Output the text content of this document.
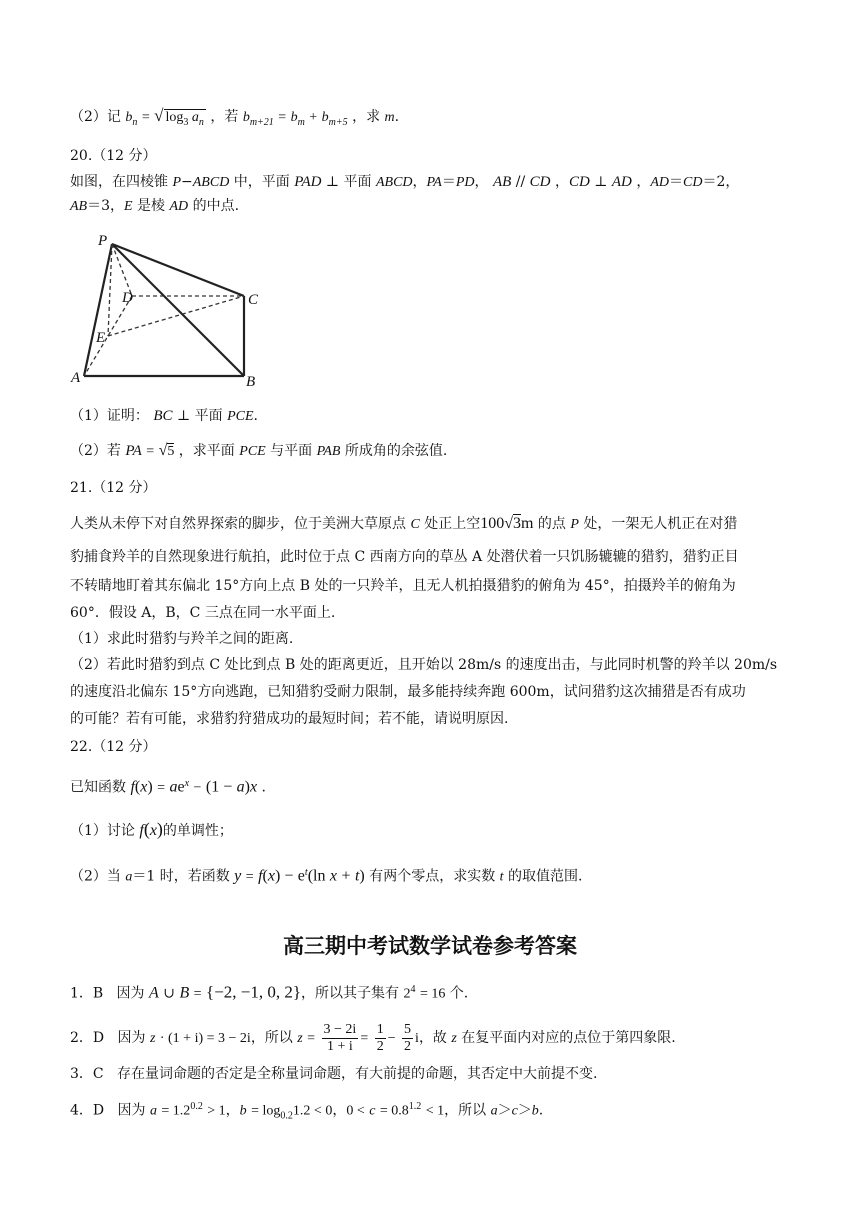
（2）记 $b_n$ = √ $\log_3 a_n$ ，若 $b_{m+21} = b_m + b_{m+5}$ ，求 m.
20.（12 分）
如图，在四棱锥 P−ABCD 中，平面 PAD ⊥ 平面 ABCD，PA＝PD， AB // CD ，CD ⊥ AD ，AD＝CD＝2，
AB＝3，E 是棱 AD 的中点.
P
D	C
E
A	B
（1）证明： BC ⊥ 平面 PCE.
（2）若 PA = √5 ，求平面 PCE 与平面 PAB 所成角的余弦值.
21.（12 分）
人类从未停下对自然界探索的脚步，位于美洲大草原点 C 处正上空100√3m 的点 P 处，一架无人机正在对猎
豹捕食羚羊的自然现象进行航拍，此时位于点 C 西南方向的草丛 A 处潜伏着一只饥肠辘辘的猎豹，猎豹正目
不转睛地盯着其东偏北 15°方向上点 B 处的一只羚羊，且无人机拍摄猎豹的俯角为 45°，拍摄羚羊的俯角为
60°．假设 A，B，C 三点在同一水平面上.
（1）求此时猎豹与羚羊之间的距离.
（2）若此时猎豹到点 C 处比到点 B 处的距离更近，且开始以 28m/s 的速度出击，与此同时机警的羚羊以 20m/s
的速度沿北偏东 15°方向逃跑，已知猎豹受耐力限制，最多能持续奔跑 600m，试问猎豹这次捕猎是否有成功
的可能？若有可能，求猎豹狩猎成功的最短时间；若不能，请说明原因.
22.（12 分）
已知函数 $f(x) = ae^x - (1 - a)x$ .
（1）讨论 f(x)的单调性；
（2）当 a＝1 时，若函数 $y = f(x) - e^t(\ln$ x + t) 有两个零点，求实数 t 的取值范围.
高三期中考试数学试卷参考答案
1．B   因为 A ∪ B = {−2, −1, 0, 2}，所以其子集有 $2^4 = 16$ 个.
2．D   因为 z · (1 + i) = 3 − 2i，所以 $z = \frac{3 - 2i}{1 + i} = \frac{1}{2} - \frac{5}{2}$ i，故 z 在复平面内对应的点位于第四象限.
3．C   存在量词命题的否定是全称量词命题，有大前提的命题，其否定中大前提不变.
4．D   因为 $a = 1.2^{0.2} > 1$，$b = \log_{0.2}1.2 < 0$，$0 < c = 0.8^{1.2} < 1$，所以 a＞c＞b.
